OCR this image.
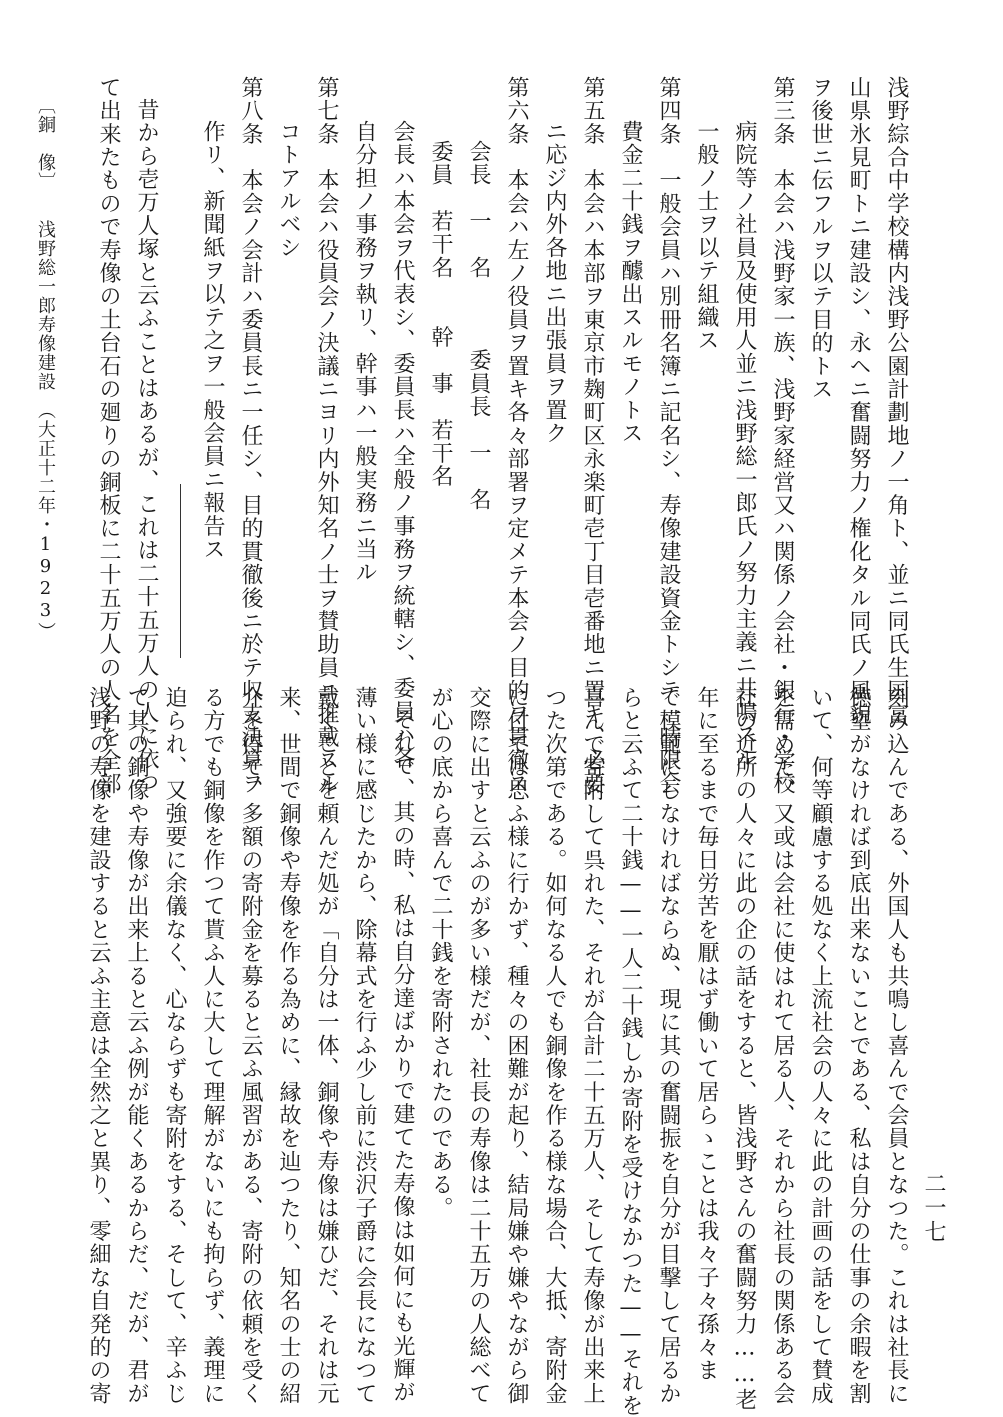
浅野綜合中学校構内浅野公園計劃地ノ一角ト、並ニ同氏生国富
山県氷見町トニ建設シ、永ヘニ奮闘努力ノ権化タル同氏ノ風貌
ヲ後世ニ伝フルヲ以テ目的トス
第三条　本会ハ浅野家一族、浅野家経営又ハ関係ノ会社・銀行・学校
病院等ノ社員及使用人並ニ浅野総一郎氏ノ努力主義ニ共鳴スル
一般ノ士ヲ以テ組織ス
第四条　一般会員ハ別冊名簿ニ記名シ、寿像建設資金トシテ一時限会
費金二十銭ヲ醵出スルモノトス
第五条　本会ハ本部ヲ東京市麹町区永楽町壱丁目壱番地ニ置キ、必要
ニ応ジ内外各地ニ出張員ヲ置ク
第六条　本会ハ左ノ役員ヲ置キ各々部署ヲ定メテ本会ノ目的ヲ貫徹ス
会長　一　名　　　委員長　一　名
委員　若干名　　幹　事　若干名
会長ハ本会ヲ代表シ、委員長ハ全般ノ事務ヲ統轄シ、委員ハ各
自分担ノ事務ヲ執リ、幹事ハ一般実務ニ当ル
第七条　本会ハ役員会ノ決議ニヨリ内外知名ノ士ヲ賛助員ニ推戴スル
コトアルベシ
第八条　本会ノ会計ハ委員長ニ一任シ、目的貫徹後ニ於テ収支決算ヲ
作リ、新聞紙ヲ以テ之ヲ一般会員ニ報告ス
昔から壱万人塚と云ふことはあるが、これは二十五万人の人に依つ
て出来たもので寿像の土台石の廻りの銅板に二十五万人の人名を全部
〔銅　像〕　　浅野総一郎寿像建設　（大正十二年・1923）
刻み込んである、外国人も共鳴し喜んで会員となつた。これは社長に
徳望がなければ到底出来ないことである、私は自分の仕事の余暇を割
いて、何等顧慮する処なく上流社会の人々に此の計画の話をして賛成
を需めた、又或は会社に使はれて居る人、それから社長の関係ある会
社の近所の人々に此の企の話をすると、皆浅野さんの奮闘努力……老
年に至るまで毎日労苦を厭はず働いて居らゝことは我々子々孫々ま
で模範にしなければならぬ、現に其の奮闘振を自分が目撃して居るか
らと云ふて二十銭——一人二十銭しか寄附を受けなかつた——それを
喜んで寄附して呉れた、それが合計二十五万人、そして寿像が出来上
つた次第である。如何なる人でも銅像を作る様な場合、大抵、寄附金
に付ては思ふ様に行かず、種々の困難が起り、結局嫌や嫌やながら御
交際に出すと云ふのが多い様だが、社長の寿像は二十五万の人総べて
が心の底から喜んで二十銭を寄附されたのである。
それで、其の時、私は自分達ばかりで建てた寿像は如何にも光輝が
薄い様に感じたから、除幕式を行ふ少し前に渋沢子爵に会長になつて
戴くことを頼んだ処が「自分は一体、銅像や寿像は嫌ひだ、それは元
来、世間で銅像や寿像を作る為めに、縁故を辿つたり、知名の士の紹
介を得て、多額の寄附金を募ると云ふ風習がある、寄附の依頼を受く
る方でも銅像を作つて貰ふ人に大して理解がないにも拘らず、義理に
迫られ、又強要に余儀なく、心ならずも寄附をする、そして、辛ふじ
て其の銅像や寿像が出来上ると云ふ例が能くあるからだ、だが、君が
浅野の寿像を建設すると云ふ主意は全然之と異り、零細な自発的の寄	二一七
